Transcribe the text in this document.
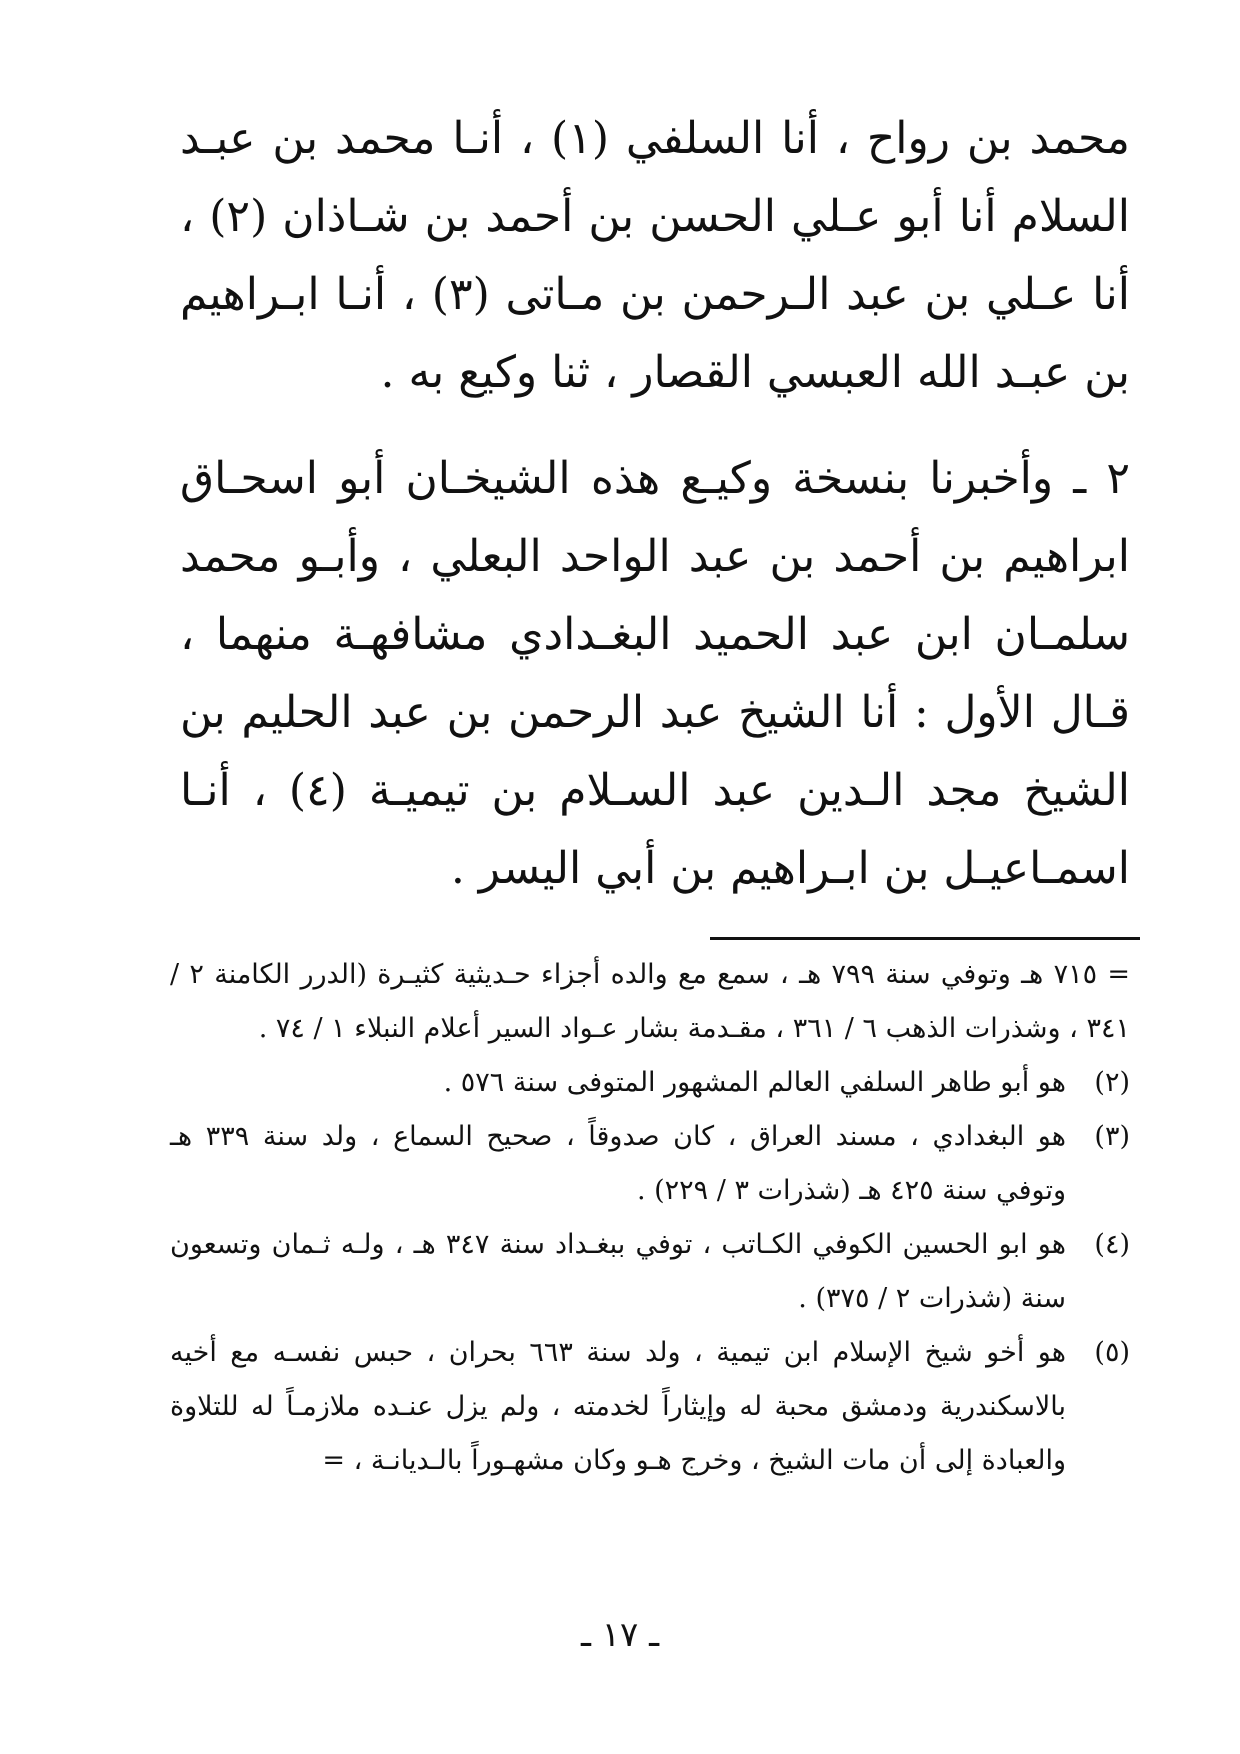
محمد بن رواح ، أنا السلفي (١) ، أنـا محمد بن عبـد السلام أنا أبو عـلي الحسن بن أحمد بن شـاذان (٢) ، أنا عـلي بن عبد الـرحمن بن مـاتى (٣) ، أنـا ابـراهيم بن عبـد الله العبسي القصار ، ثنا وكيع به .

٢ ـ وأخبرنا بنسخة وكيـع هذه الشيخـان أبو اسحـاق ابراهيم بن أحمد بن عبد الواحد البعلي ، وأبـو محمد سلمـان ابن عبد الحميد البغـدادي مشافهـة منهما ، قـال الأول : أنا الشيخ عبد الرحمن بن عبد الحليم بن الشيخ مجد الـدين عبد السـلام بن تيميـة (٤) ، أنـا اسمـاعيـل بن ابـراهيم بن أبي اليسر .

= ٧١٥ هـ وتوفي سنة ٧٩٩ هـ ، سمع مع والده أجزاء حـديثية كثيـرة (الدرر الكامنة ٢ / ٣٤١ ، وشذرات الذهب ٦ / ٣٦١ ، مقـدمة بشار عـواد السير أعلام النبلاء ١ / ٧٤ .
(٢)
هو أبو طاهر السلفي العالم المشهور المتوفى سنة ٥٧٦ .
(٣)
هو البغدادي ، مسند العراق ، كان صدوقاً ، صحيح السماع ، ولد سنة ٣٣٩ هـ وتوفي سنة ٤٢٥ هـ (شذرات ٣ / ٢٢٩) .
(٤)
هو ابو الحسين الكوفي الكـاتب ، توفي ببغـداد سنة ٣٤٧ هـ ، ولـه ثـمان وتسعون سنة (شذرات ٢ / ٣٧٥) .
(٥)
هو أخو شيخ الإسلام ابن تيمية ، ولد سنة ٦٦٣ بحران ، حبس نفسـه مع أخيه بالاسكندرية ودمشق محبة له وإيثاراً لخدمته ، ولم يزل عنـده ملازمـاً له للتلاوة والعبادة إلى أن مات الشيخ ، وخرج هـو وكان مشهـوراً بالـديانـة ، =
ـ ١٧ ـ
